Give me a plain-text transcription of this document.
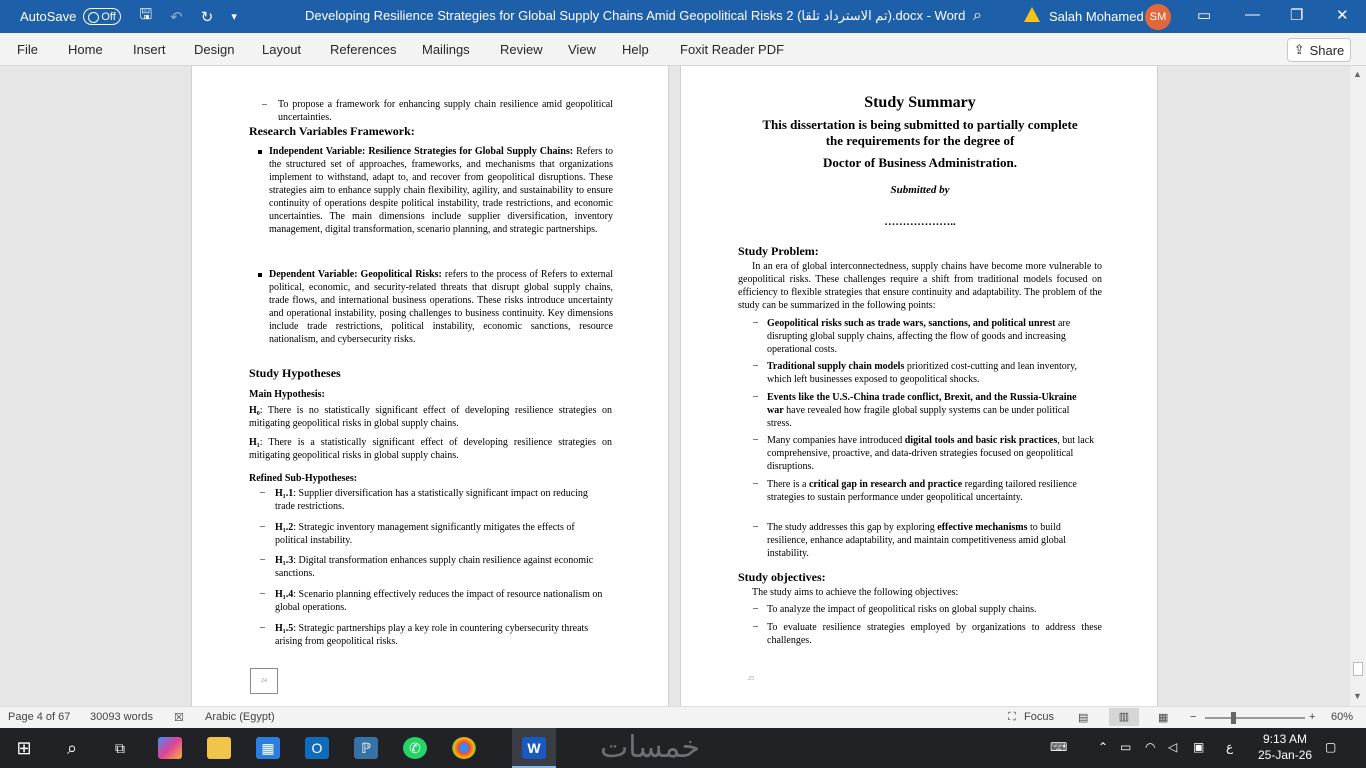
AutoSave	Off	🖫 ↶ ↻ ▾	Developing Resilience Strategies for Global Supply Chains Amid Geopolitical Risks 2 (تم الاسترداد تلقا).docx - Word ⌕	Salah Mohamed SM	▭ — ❐ ✕
File Home Insert Design Layout References Mailings Review View Help Foxit Reader PDF	⇪ Share
– To propose a framework for enhancing supply chain resilience amid geopolitical uncertainties.
Research Variables Framework:
Independent Variable: Resilience Strategies for Global Supply Chains: Refers to the structured set of approaches, frameworks, and mechanisms that organizations implement to withstand, adapt to, and recover from geopolitical disruptions. These strategies aim to enhance supply chain flexibility, agility, and sustainability to ensure continuity of operations despite political instability, trade restrictions, and economic uncertainties. The main dimensions include supplier diversification, inventory management, digital transformation, scenario planning, and strategic partnerships.
Dependent Variable: Geopolitical Risks: refers to the process of Refers to external political, economic, and security-related threats that disrupt global supply chains, trade flows, and international business operations. These risks introduce uncertainty and operational instability, posing challenges to business continuity. Key dimensions include trade restrictions, political instability, economic sanctions, resource nationalism, and cybersecurity risks.
Study Hypotheses
Main Hypothesis:
H₀: There is no statistically significant effect of developing resilience strategies on mitigating geopolitical risks in global supply chains.
H₁: There is a statistically significant effect of developing resilience strategies on mitigating geopolitical risks in global supply chains.
Refined Sub-Hypotheses:
– H₁.1: Supplier diversification has a statistically significant impact on reducing trade restrictions.
– H₁.2: Strategic inventory management significantly mitigates the effects of political instability.
– H₁.3: Digital transformation enhances supply chain resilience against economic sanctions.
– H₁.4: Scenario planning effectively reduces the impact of resource nationalism on global operations.
– H₁.5: Strategic partnerships play a key role in countering cybersecurity threats arising from geopolitical risks.
24
Study Summary
This dissertation is being submitted to partially complete
the requirements for the degree of
Doctor of Business Administration.
Submitted by
………………..
Study Problem:
In an era of global interconnectedness, supply chains have become more vulnerable to geopolitical risks. These challenges require a shift from traditional models focused on efficiency to flexible strategies that ensure continuity and adaptability. The problem of the study can be summarized in the following points:
– Geopolitical risks such as trade wars, sanctions, and political unrest are disrupting global supply chains, affecting the flow of goods and increasing operational costs.
– Traditional supply chain models prioritized cost-cutting and lean inventory, which left businesses exposed to geopolitical shocks.
– Events like the U.S.-China trade conflict, Brexit, and the Russia-Ukraine war have revealed how fragile global supply systems can be under political stress.
– Many companies have introduced digital tools and basic risk practices, but lack comprehensive, proactive, and data-driven strategies focused on geopolitical disruptions.
– There is a critical gap in research and practice regarding tailored resilience strategies to sustain performance under geopolitical uncertainty.
– The study addresses this gap by exploring effective mechanisms to build resilience, enhance adaptability, and maintain competitiveness amid global instability.
Study objectives:
The study aims to achieve the following objectives:
– To analyze the impact of geopolitical risks on global supply chains.
– To evaluate resilience strategies employed by organizations to address these challenges.
25
▲
▼
Page 4 of 67 30093 words ☒ Arabic (Egypt)	⛶ Focus ▤	▥	▦ −	+ 60%
⊞	⌕	⧉	▦	O	ℙ	✆	W خمسات	⌨	⌃ ▭ ◠ ◁ ▣ ع
9:13 AM
25-Jan-26
▢
